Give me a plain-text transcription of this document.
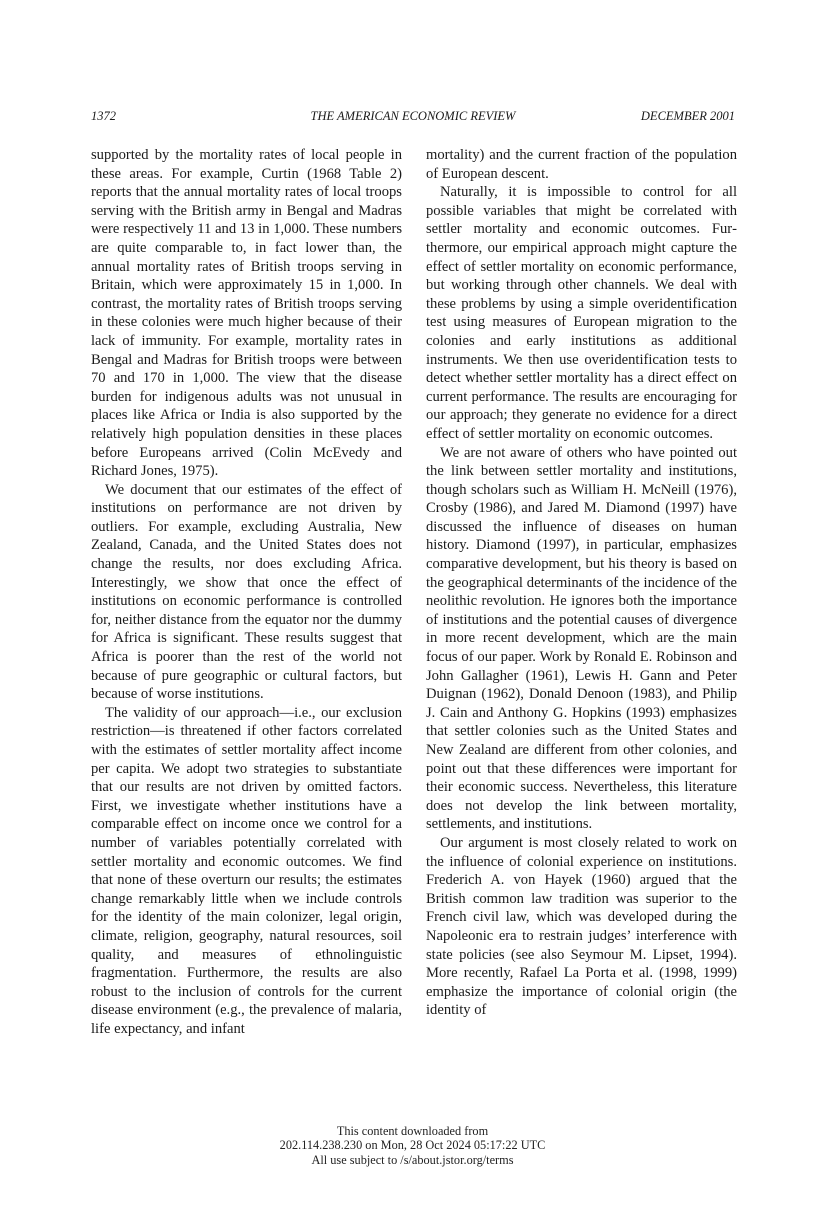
1372	THE AMERICAN ECONOMIC REVIEW	DECEMBER 2001

supported by the mortality rates of local people in these areas. For example, Curtin (1968 Table 2) reports that the annual mortality rates of local troops serving with the British army in Bengal and Madras were respectively 11 and 13 in 1,000. These numbers are quite comparable to, in fact lower than, the annual mortality rates of British troops serving in Britain, which were approximately 15 in 1,000. In contrast, the mortality rates of British troops serving in these colonies were much higher because of their lack of immunity. For example, mortality rates in Bengal and Madras for British troops were between 70 and 170 in 1,000. The view that the disease burden for indigenous adults was not unusual in places like Africa or India is also supported by the relatively high population densities in these places before Europeans arrived (Colin McEvedy and Richard Jones, 1975).

We document that our estimates of the effect of institutions on performance are not driven by outliers. For example, excluding Australia, New Zealand, Canada, and the United States does not change the results, nor does excluding Africa. Interestingly, we show that once the effect of institutions on economic performance is controlled for, neither distance from the equator nor the dummy for Africa is significant. These results suggest that Africa is poorer than the rest of the world not because of pure geographic or cultural factors, but because of worse institutions.

The validity of our approach—i.e., our exclusion restriction—is threatened if other factors correlated with the estimates of settler mortality affect income per capita. We adopt two strategies to substantiate that our results are not driven by omitted factors. First, we investigate whether institutions have a comparable effect on income once we control for a number of variables potentially correlated with settler mortality and economic outcomes. We find that none of these overturn our results; the estimates change remarkably little when we include controls for the identity of the main colonizer, legal origin, climate, religion, geography, natural resources, soil quality, and measures of ethnolinguistic fragmentation. Furthermore, the results are also robust to the inclusion of controls for the current disease environment (e.g., the prevalence of malaria, life expectancy, and infant

mortality) and the current fraction of the population of European descent.

Naturally, it is impossible to control for all possible variables that might be correlated with settler mortality and economic outcomes. Furthermore, our empirical approach might capture the effect of settler mortality on economic performance, but working through other channels. We deal with these problems by using a simple overidentification test using measures of European migration to the colonies and early institutions as additional instruments. We then use overidentification tests to detect whether settler mortality has a direct effect on current performance. The results are encouraging for our approach; they generate no evidence for a direct effect of settler mortality on economic outcomes.

We are not aware of others who have pointed out the link between settler mortality and institutions, though scholars such as William H. McNeill (1976), Crosby (1986), and Jared M. Diamond (1997) have discussed the influence of diseases on human history. Diamond (1997), in particular, emphasizes comparative development, but his theory is based on the geographical determinants of the incidence of the neolithic revolution. He ignores both the importance of institutions and the potential causes of divergence in more recent development, which are the main focus of our paper. Work by Ronald E. Robinson and John Gallagher (1961), Lewis H. Gann and Peter Duignan (1962), Donald Denoon (1983), and Philip J. Cain and Anthony G. Hopkins (1993) emphasizes that settler colonies such as the United States and New Zealand are different from other colonies, and point out that these differences were important for their economic success. Nevertheless, this literature does not develop the link between mortality, settlements, and institutions.

Our argument is most closely related to work on the influence of colonial experience on institutions. Frederich A. von Hayek (1960) argued that the British common law tradition was superior to the French civil law, which was developed during the Napoleonic era to restrain judges’ interference with state policies (see also Seymour M. Lipset, 1994). More recently, Rafael La Porta et al. (1998, 1999) emphasize the importance of colonial origin (the identity of

This content downloaded from
202.114.238.230 on Mon, 28 Oct 2024 05:17:22 UTC
All use subject to /s/about.jstor.org/terms
